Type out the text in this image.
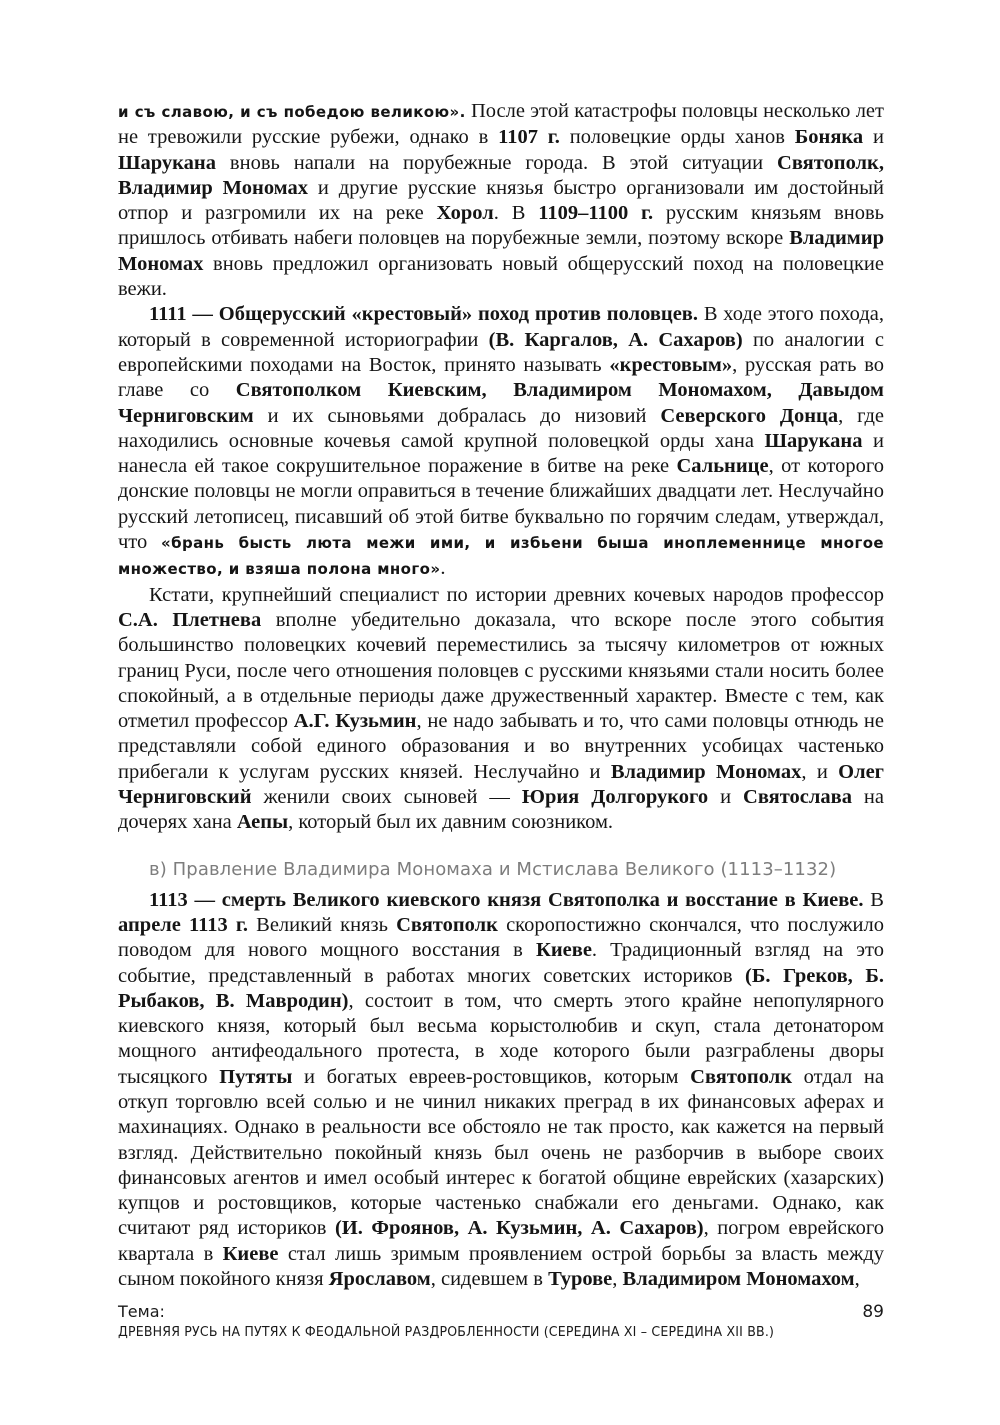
и съ славою, и съ победою великою». После этой катастрофы половцы несколько лет не тревожили русские рубежи, однако в 1107 г. половецкие орды ханов Боняка и Шарукана вновь напали на порубежные города. В этой ситуации Святополк, Владимир Мономах и другие русские князья быстро организовали им достойный отпор и разгромили их на реке Хорол. В 1109–1100 г. русским князьям вновь пришлось отбивать набеги половцев на порубежные земли, поэтому вскоре Владимир Мономах вновь предложил организовать новый общерусский поход на половецкие вежи.

1111 — Общерусский «крестовый» поход против половцев. В ходе этого похода, который в современной историографии (В. Каргалов, А. Сахаров) по аналогии с европейскими походами на Восток, принято называть «крестовым», русская рать во главе со Святополком Киевским, Владимиром Мономахом, Давыдом Черниговским и их сыновьями добралась до низовий Северского Донца, где находились основные кочевья самой крупной половецкой орды хана Шарукана и нанесла ей такое сокрушительное поражение в битве на реке Сальнице, от которого донские половцы не могли оправиться в течение ближайших двадцати лет. Неслучайно русский летописец, писавший об этой битве буквально по горячим следам, утверждал, что «брань бысть люта межи ими, и избьени быша иноплеменнице многое множество, и взяша полона много».

Кстати, крупнейший специалист по истории древних кочевых народов профессор С.А. Плетнева вполне убедительно доказала, что вскоре после этого события большинство половецких кочевий переместились за тысячу километров от южных границ Руси, после чего отношения половцев с русскими князьями стали носить более спокойный, а в отдельные периоды даже дружественный характер. Вместе с тем, как отметил профессор А.Г. Кузьмин, не надо забывать и то, что сами половцы отнюдь не представляли собой единого образования и во внутренних усобицах частенько прибегали к услугам русских князей. Неслучайно и Владимир Мономах, и Олег Черниговский женили своих сыновей — Юрия Долгорукого и Святослава на дочерях хана Аепы, который был их давним союзником.

в) Правление Владимира Мономаха и Мстислава Великого (1113–1132)

1113 — смерть Великого киевского князя Святополка и восстание в Киеве. В апреле 1113 г. Великий князь Святополк скоропостижно скончался, что послужило поводом для нового мощного восстания в Киеве. Традиционный взгляд на это событие, представленный в работах многих советских историков (Б. Греков, Б. Рыбаков, В. Мавродин), состоит в том, что смерть этого крайне непопулярного киевского князя, который был весьма корыстолюбив и скуп, стала детонатором мощного антифеодального протеста, в ходе которого были разграблены дворы тысяцкого Путяты и богатых евреев-ростовщиков, которым Святополк отдал на откуп торговлю всей солью и не чинил никаких преград в их финансовых аферах и махинациях. Однако в реальности все обстояло не так просто, как кажется на первый взгляд. Действительно покойный князь был очень не разборчив в выборе своих финансовых агентов и имел особый интерес к богатой общине еврейских (хазарских) купцов и ростовщиков, которые частенько снабжали его деньгами. Однако, как считают ряд историков (И. Фроянов, А. Кузьмин, А. Сахаров), погром еврейского квартала в Киеве стал лишь зримым проявлением острой борьбы за власть между сыном покойного князя Ярославом, сидевшем в Турове, Владимиром Мономахом,

Тема:
ДРЕВНЯЯ РУСЬ НА ПУТЯХ К ФЕОДАЛЬНОЙ РАЗДРОБЛЕННОСТИ (СЕРЕДИНА XI – СЕРЕДИНА XII ВВ.)
89
